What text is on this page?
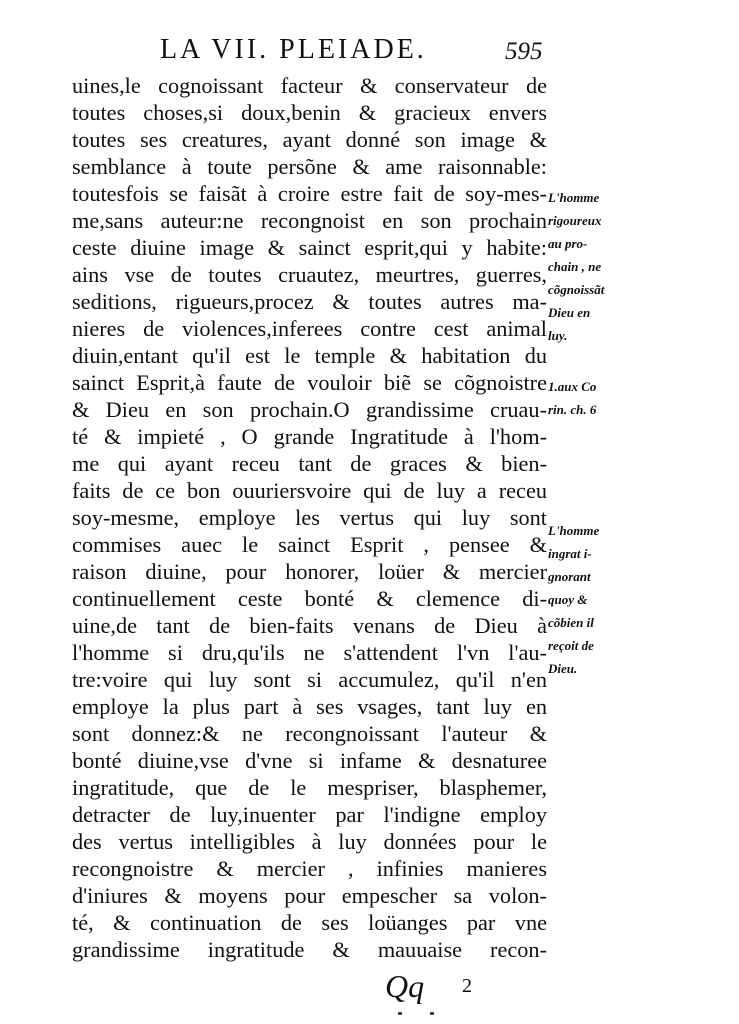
LA VII. PLEIADE.	595
uines,le cognoissant facteur & conservateur de
toutes choses,si doux,benin & gracieux envers
toutes ses creatures, ayant donné son image &
semblance à toute persõne & ame raisonnable:
toutesfois se faisãt à croire estre fait de soy-mes-
me,sans auteur:ne recongnoist en son prochain
ceste diuine image & sainct esprit,qui y habite:
ains vse de toutes cruautez, meurtres, guerres,
seditions, rigueurs,procez & toutes autres ma-
nieres de violences,inferees contre cest animal
diuin,entant qu'il est le temple & habitation du
sainct Esprit,à faute de vouloir biẽ se cõgnoistre
& Dieu en son prochain.O grandissime cruau-
té & impieté , O grande Ingratitude à l'hom-
me qui ayant receu tant de graces & bien-
faits de ce bon ouuriersvoire qui de luy a receu
soy-mesme, employe les vertus qui luy sont
commises auec le sainct Esprit , pensee &
raison diuine, pour honorer, loüer & mercier
continuellement ceste bonté & clemence di-
uine,de tant de bien-faits venans de Dieu à
l'homme si dru,qu'ils ne s'attendent l'vn l'au-
tre:voire qui luy sont si accumulez, qu'il n'en
employe la plus part à ses vsages, tant luy en
sont donnez:& ne recongnoissant l'auteur &
bonté diuine,vse d'vne si infame & desnaturee
ingratitude, que de le mespriser, blasphemer,
detracter de luy,inuenter par l'indigne employ
des vertus intelligibles à luy données pour le
recongnoistre & mercier , infinies manieres
d'iniures & moyens pour empescher sa volon-
té, & continuation de ses loüanges par vne
grandissime ingratitude & mauuaise recon-
L'homme
rigoureux
au pro-
chain , ne
cõgnoissãt
Dieu en
luy.
1.aux Co
rin. ch. 6
L'homme
ingrat i-
gnorant
quoy &
cõbien il
reçoit de
Dieu.
Qq 2
